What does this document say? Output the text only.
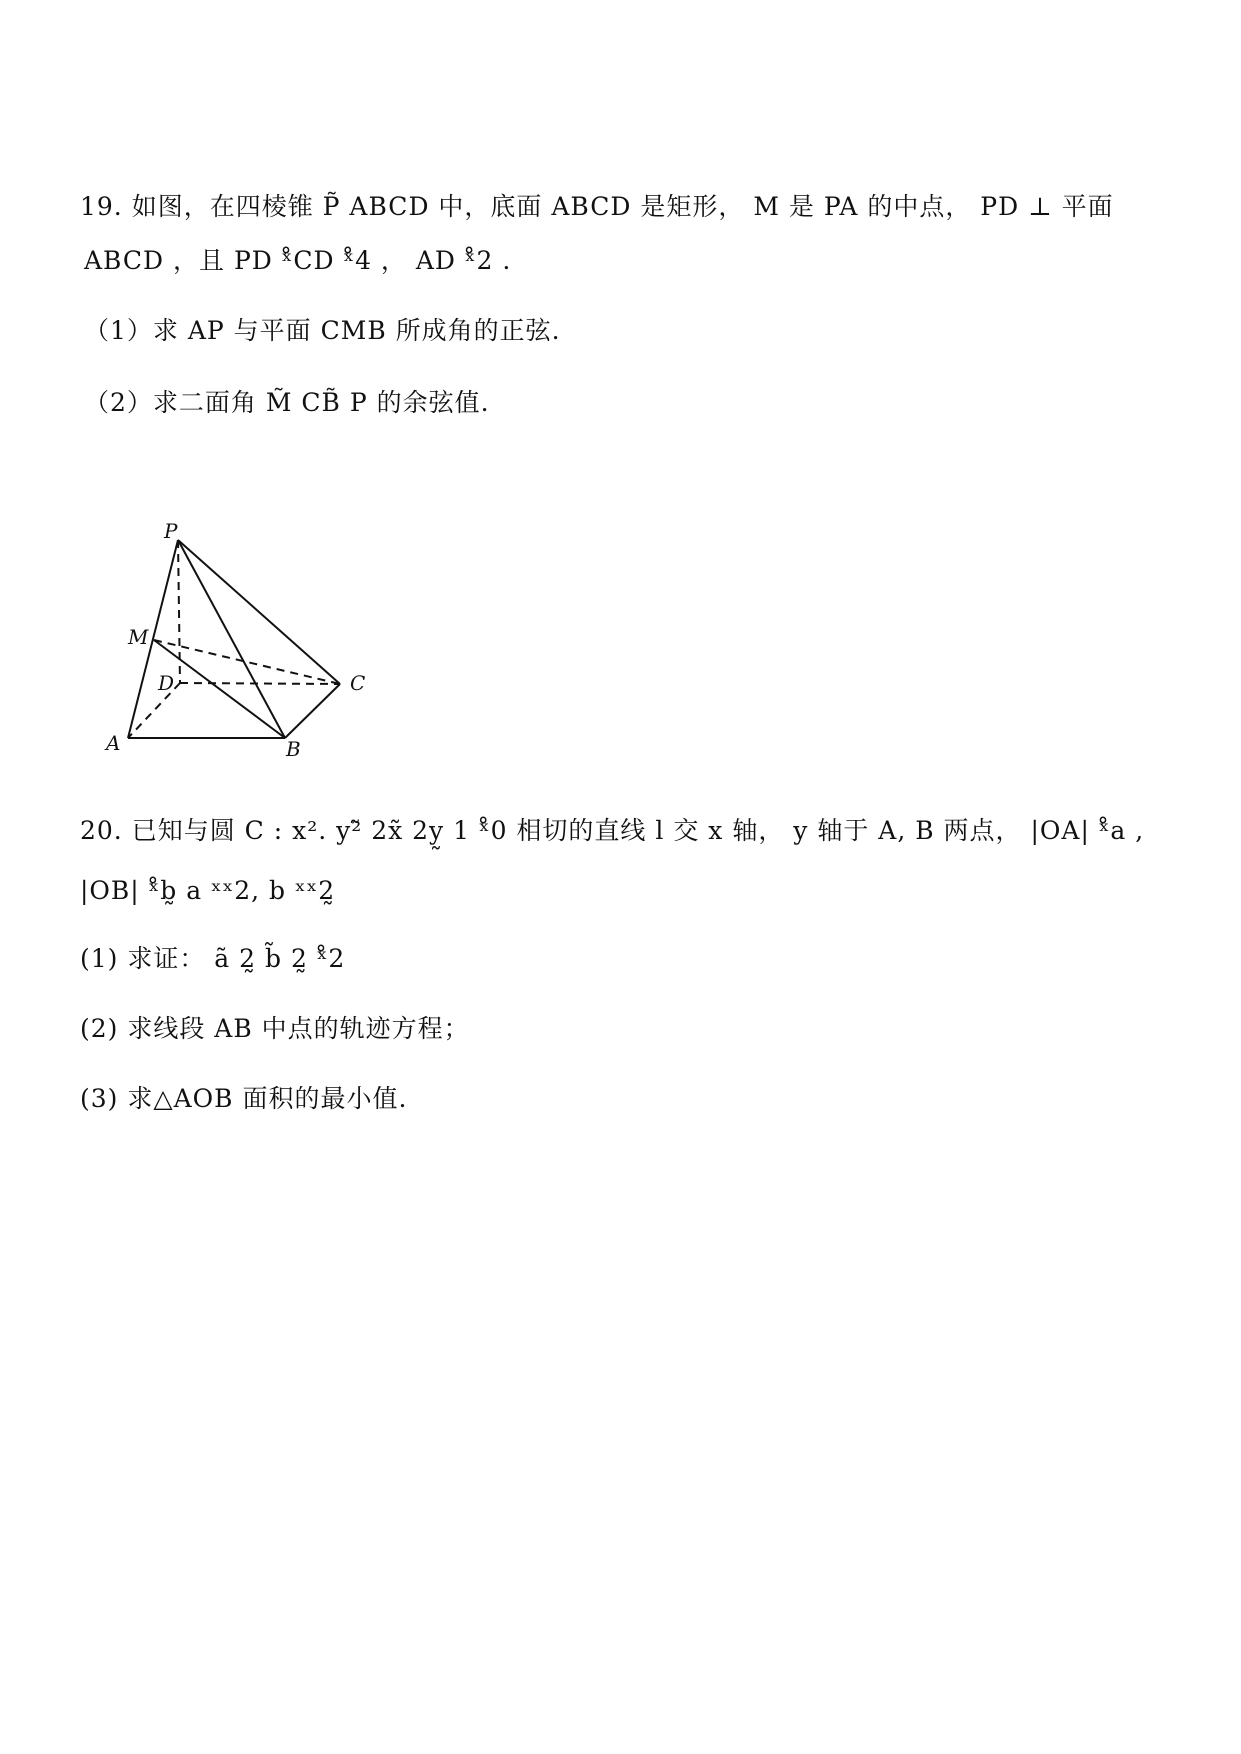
19. 如图，在四棱锥 P̃ ABCD 中，底面 ABCD 是矩形， M 是 PA 的中点， PD ⊥ 平面
ABCD ，且 PD ˣ̊CD ˣ̊4 ， AD ˣ̊2 .
（1）求 AP 与平面 CMB 所成角的正弦.
（2）求二面角 M̃ CB̃ P 的余弦值.
P
M
D	C
A	B
20. 已知与圆 C : x². y²̃ 2x̃ 2y̰ 1 ˣ̊0 相切的直线 l 交 x 轴， y 轴于 A, B 两点， |OA| ˣ̊a ,
|OB| ˣ̊b̰ a ˣˣ2, b ˣˣ2̰
(1) 求证： ã 2̰ b̃ 2̰ ˣ̊2
(2) 求线段 AB 中点的轨迹方程；
(3) 求△AOB 面积的最小值.
